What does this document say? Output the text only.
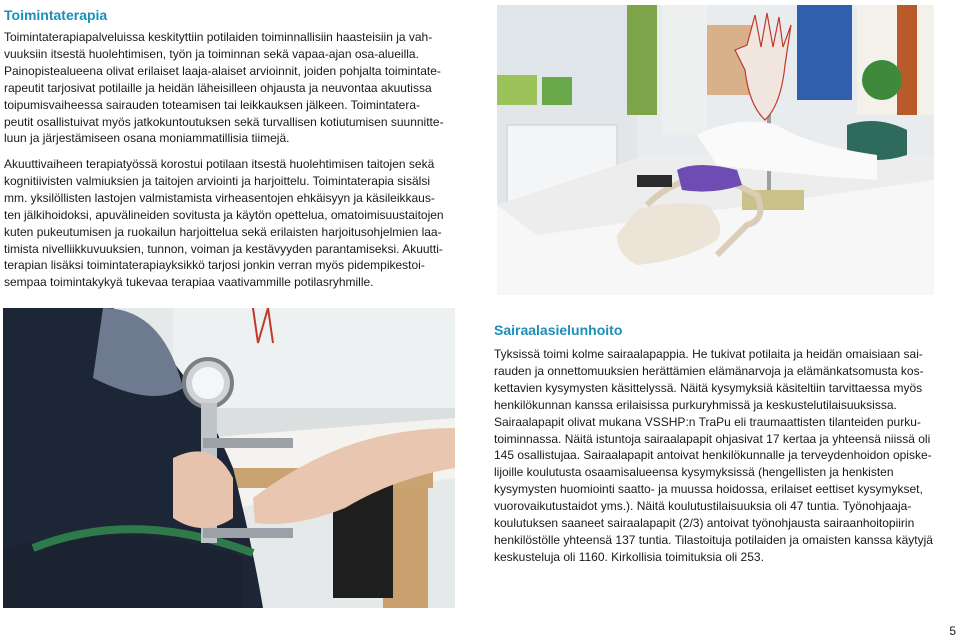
Toimintaterapia
Toimintaterapiapalveluissa keskityttiin potilaiden toiminnallisiin haasteisiin ja vah-
vuuksiin itsestä huolehtimisen, työn ja toiminnan sekä vapaa-ajan osa-alueilla.
Painopistealueena olivat erilaiset laaja-alaiset arvioinnit, joiden pohjalta toimintate-
rapeutit tarjosivat potilaille ja heidän läheisilleen ohjausta ja neuvontaa akuutissa
toipumisvaiheessa sairauden toteamisen tai leikkauksen jälkeen. Toimintatera-
peutit osallistuivat myös jatkokuntoutuksen sekä turvallisen kotiutumisen suunnitte-
luun ja järjestämiseen osana moniammatillisia tiimejä.
Akuuttivaiheen terapiatyössä korostui potilaan itsestä huolehtimisen taitojen sekä
kognitiivisten valmiuksien ja taitojen arviointi ja harjoittelu. Toimintaterapia sisälsi
mm. yksilöllisten lastojen valmistamista virheasentojen ehkäisyyn ja käsileikkaus-
ten jälkihoidoksi, apuvälineiden sovitusta ja käytön opettelua, omatoimisuustaitojen
kuten pukeutumisen ja ruokailun harjoittelua sekä erilaisten harjoitusohjelmien laa-
timista nivelliikkuvuuksien, tunnon, voiman ja kestävyyden parantamiseksi. Akuutti-
terapian lisäksi toimintaterapiayksikkö tarjosi jonkin verran myös pidempikestoi-
sempaa toimintakykyä tukevaa terapiaa vaativammille potilasryhmille.
Sairaalasielunhoito
Tyksissä toimi kolme sairaalapappia. He tukivat potilaita ja heidän omaisiaan sai-
rauden ja onnettomuuksien herättämien elämänarvoja ja elämänkatsomusta kos-
kettavien kysymysten käsittelyssä. Näitä kysymyksiä käsiteltiin tarvittaessa myös
henkilökunnan kanssa erilaisissa purkuryhmissä ja keskustelutilaisuuksissa.
Sairaalapapit olivat mukana VSSHP:n TraPu eli traumaattisten tilanteiden purku-
toiminnassa. Näitä istuntoja sairaalapapit ohjasivat 17 kertaa ja yhteensä niissä oli
145 osallistujaa. Sairaalapapit antoivat henkilökunnalle ja terveydenhoidon opiske-
lijoille koulutusta osaamisalueensa kysymyksissä (hengellisten ja henkisten
kysymysten huomiointi saatto- ja muussa hoidossa, erilaiset eettiset kysymykset,
vuorovaikutustaidot yms.). Näitä koulutustilaisuuksia oli 47 tuntia. Työnohjaaja-
koulutuksen saaneet sairaalapapit (2/3) antoivat työnohjausta sairaanhoitopiirin
henkilöstölle yhteensä 137 tuntia. Tilastoituja potilaiden ja omaisten kanssa käytyjä
keskusteluja oli 1160. Kirkollisia toimituksia oli 253.
5
